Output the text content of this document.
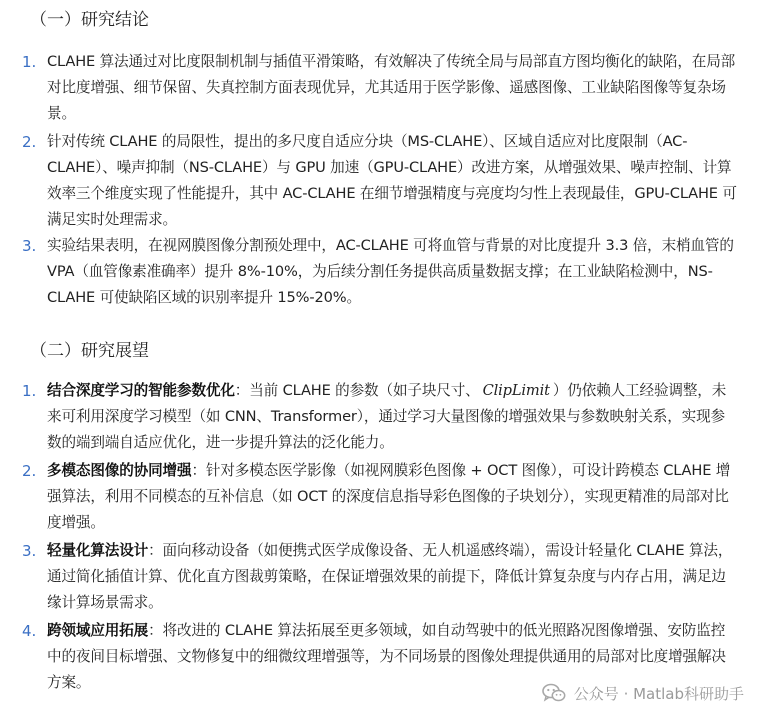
（一）研究结论
1. CLAHE 算法通过对比度限制机制与插值平滑策略，有效解决了传统全局与局部直方图均衡化的缺陷，在局部对比度增强、细节保留、失真控制方面表现优异，尤其适用于医学影像、遥感图像、工业缺陷图像等复杂场景。
2. 针对传统 CLAHE 的局限性，提出的多尺度自适应分块（MS-CLAHE）、区域自适应对比度限制（AC-CLAHE）、噪声抑制（NS-CLAHE）与 GPU 加速（GPU-CLAHE）改进方案，从增强效果、噪声控制、计算效率三个维度实现了性能提升，其中 AC-CLAHE 在细节增强精度与亮度均匀性上表现最佳，GPU-CLAHE 可满足实时处理需求。
3. 实验结果表明，在视网膜图像分割预处理中，AC-CLAHE 可将血管与背景的对比度提升 3.3 倍，末梢血管的 VPA（血管像素准确率）提升 8%-10%，为后续分割任务提供高质量数据支撑；在工业缺陷检测中，NS-CLAHE 可使缺陷区域的识别率提升 15%-20%。
（二）研究展望
1. 结合深度学习的智能参数优化：当前 CLAHE 的参数（如子块尺寸、 ClipLimit ）仍依赖人工经验调整，未来可利用深度学习模型（如 CNN、Transformer），通过学习大量图像的增强效果与参数映射关系，实现参数的端到端自适应优化，进一步提升算法的泛化能力。
2. 多模态图像的协同增强：针对多模态医学影像（如视网膜彩色图像 + OCT 图像），可设计跨模态 CLAHE 增强算法，利用不同模态的互补信息（如 OCT 的深度信息指导彩色图像的子块划分），实现更精准的局部对比度增强。
3. 轻量化算法设计：面向移动设备（如便携式医学成像设备、无人机遥感终端），需设计轻量化 CLAHE 算法，通过简化插值计算、优化直方图裁剪策略，在保证增强效果的前提下，降低计算复杂度与内存占用，满足边缘计算场景需求。
4. 跨领域应用拓展：将改进的 CLAHE 算法拓展至更多领域，如自动驾驶中的低光照路况图像增强、安防监控中的夜间目标增强、文物修复中的细微纹理增强等，为不同场景的图像处理提供通用的局部对比度增强解决方案。
公众号 · Matlab科研助手
